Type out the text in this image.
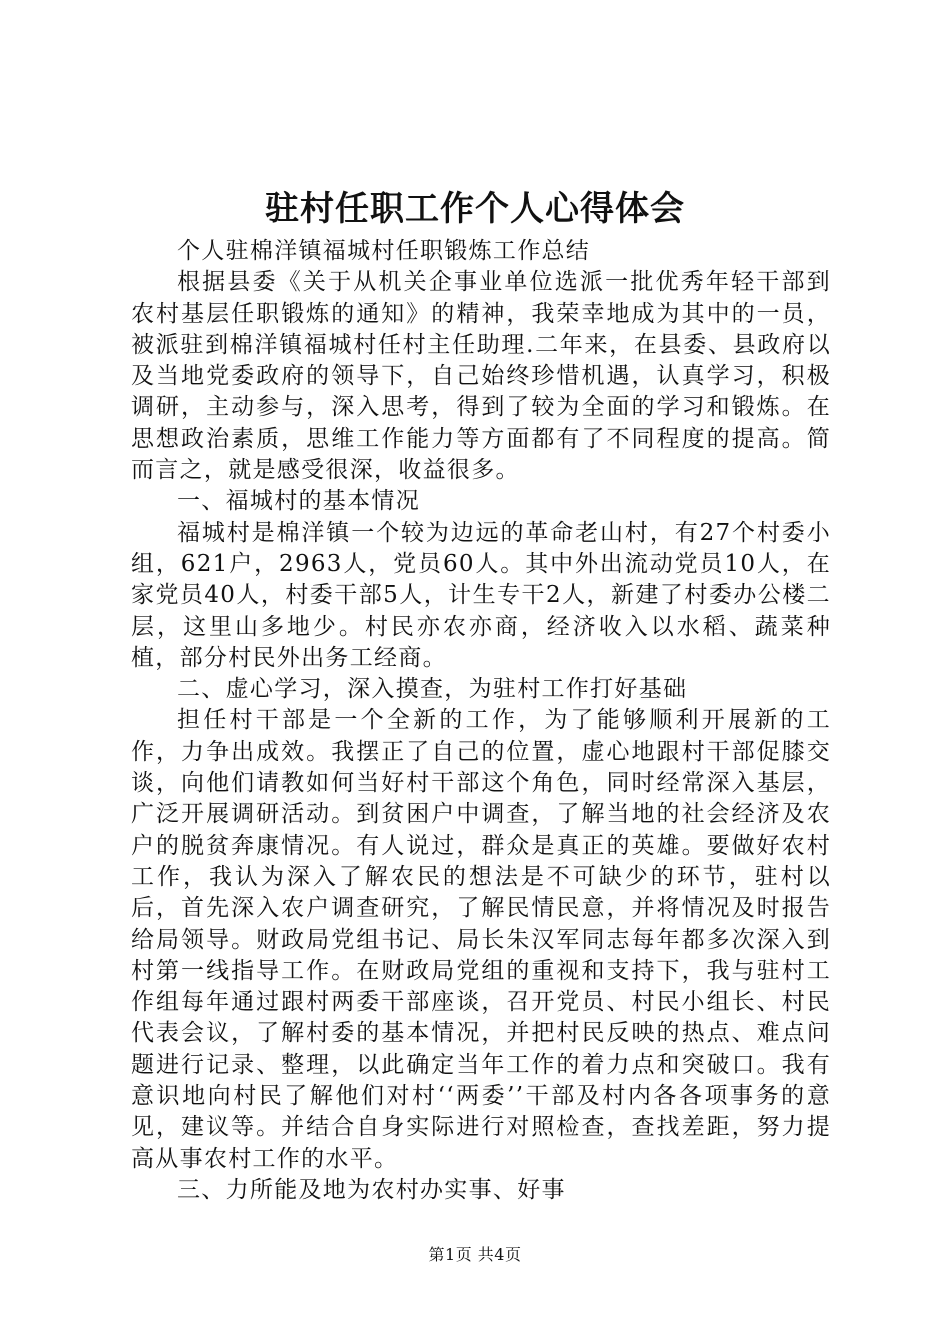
驻村任职工作个人心得体会

个人驻棉洋镇福城村任职锻炼工作总结

根据县委《关于从机关企事业单位选派一批优秀年轻干部到农村基层任职锻炼的通知》的精神，我荣幸地成为其中的一员，被派驻到棉洋镇福城村任村主任助理.二年来，在县委、县政府以及当地党委政府的领导下，自己始终珍惜机遇，认真学习，积极调研，主动参与，深入思考，得到了较为全面的学习和锻炼。在思想政治素质，思维工作能力等方面都有了不同程度的提高。简而言之，就是感受很深，收益很多。

一、福城村的基本情况

福城村是棉洋镇一个较为边远的革命老山村，有27个村委小组，621户，2963人，党员60人。其中外出流动党员10人，在家党员40人，村委干部5人，计生专干2人，新建了村委办公楼二层，这里山多地少。村民亦农亦商，经济收入以水稻、蔬菜种植，部分村民外出务工经商。

二、虚心学习，深入摸查，为驻村工作打好基础

担任村干部是一个全新的工作，为了能够顺利开展新的工作，力争出成效。我摆正了自己的位置，虚心地跟村干部促膝交谈，向他们请教如何当好村干部这个角色，同时经常深入基层，广泛开展调研活动。到贫困户中调查，了解当地的社会经济及农户的脱贫奔康情况。有人说过，群众是真正的英雄。要做好农村工作，我认为深入了解农民的想法是不可缺少的环节，驻村以后，首先深入农户调查研究，了解民情民意，并将情况及时报告给局领导。财政局党组书记、局长朱汉军同志每年都多次深入到村第一线指导工作。在财政局党组的重视和支持下，我与驻村工作组每年通过跟村两委干部座谈，召开党员、村民小组长、村民代表会议，了解村委的基本情况，并把村民反映的热点、难点问题进行记录、整理，以此确定当年工作的着力点和突破口。我有意识地向村民了解他们对村‘‘两委’’干部及村内各各项事务的意见，建议等。并结合自身实际进行对照检查，查找差距，努力提高从事农村工作的水平。

三、力所能及地为农村办实事、好事

第1页 共4页
